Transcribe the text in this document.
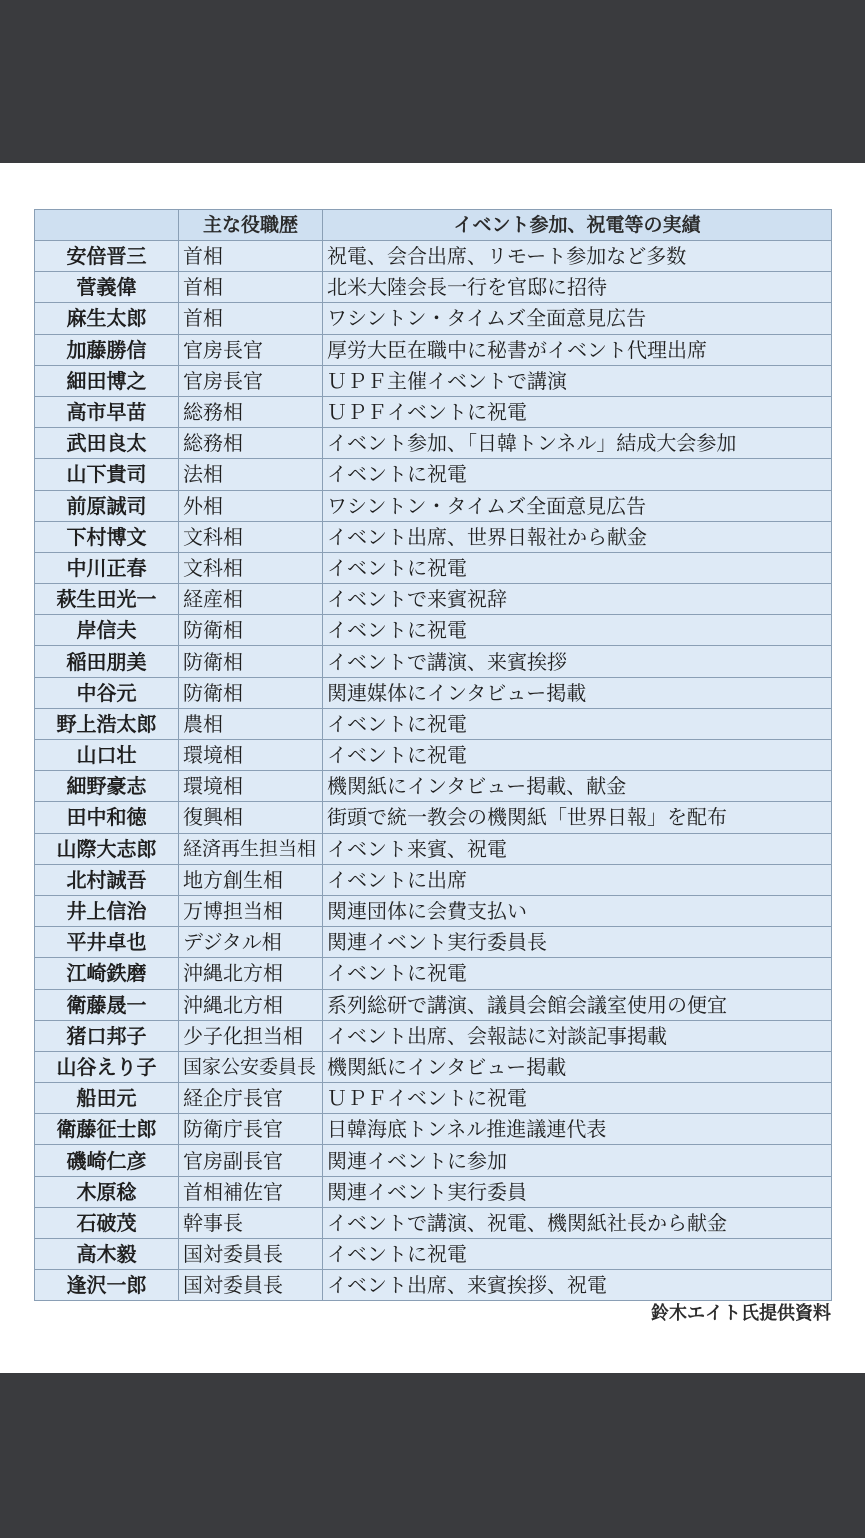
	主な役職歴	イベント参加、祝電等の実績
安倍晋三	首相	祝電、会合出席、リモート参加など多数
菅義偉	首相	北米大陸会長一行を官邸に招待
麻生太郎	首相	ワシントン・タイムズ全面意見広告
加藤勝信	官房長官	厚労大臣在職中に秘書がイベント代理出席
細田博之	官房長官	ＵＰＦ主催イベントで講演
高市早苗	総務相	ＵＰＦイベントに祝電
武田良太	総務相	イベント参加、「日韓トンネル」結成大会参加
山下貴司	法相	イベントに祝電
前原誠司	外相	ワシントン・タイムズ全面意見広告
下村博文	文科相	イベント出席、世界日報社から献金
中川正春	文科相	イベントに祝電
萩生田光一	経産相	イベントで来賓祝辞
岸信夫	防衛相	イベントに祝電
稲田朋美	防衛相	イベントで講演、来賓挨拶
中谷元	防衛相	関連媒体にインタビュー掲載
野上浩太郎	農相	イベントに祝電
山口壮	環境相	イベントに祝電
細野豪志	環境相	機関紙にインタビュー掲載、献金
田中和徳	復興相	街頭で統一教会の機関紙「世界日報」を配布
山際大志郎	経済再生担当相	イベント来賓、祝電
北村誠吾	地方創生相	イベントに出席
井上信治	万博担当相	関連団体に会費支払い
平井卓也	デジタル相	関連イベント実行委員長
江崎鉄磨	沖縄北方相	イベントに祝電
衛藤晟一	沖縄北方相	系列総研で講演、議員会館会議室使用の便宜
猪口邦子	少子化担当相	イベント出席、会報誌に対談記事掲載
山谷えり子	国家公安委員長	機関紙にインタビュー掲載
船田元	経企庁長官	ＵＰＦイベントに祝電
衛藤征士郎	防衛庁長官	日韓海底トンネル推進議連代表
磯崎仁彦	官房副長官	関連イベントに参加
木原稔	首相補佐官	関連イベント実行委員
石破茂	幹事長	イベントで講演、祝電、機関紙社長から献金
高木毅	国対委員長	イベントに祝電
逢沢一郎	国対委員長	イベント出席、来賓挨拶、祝電
鈴木エイト氏提供資料
